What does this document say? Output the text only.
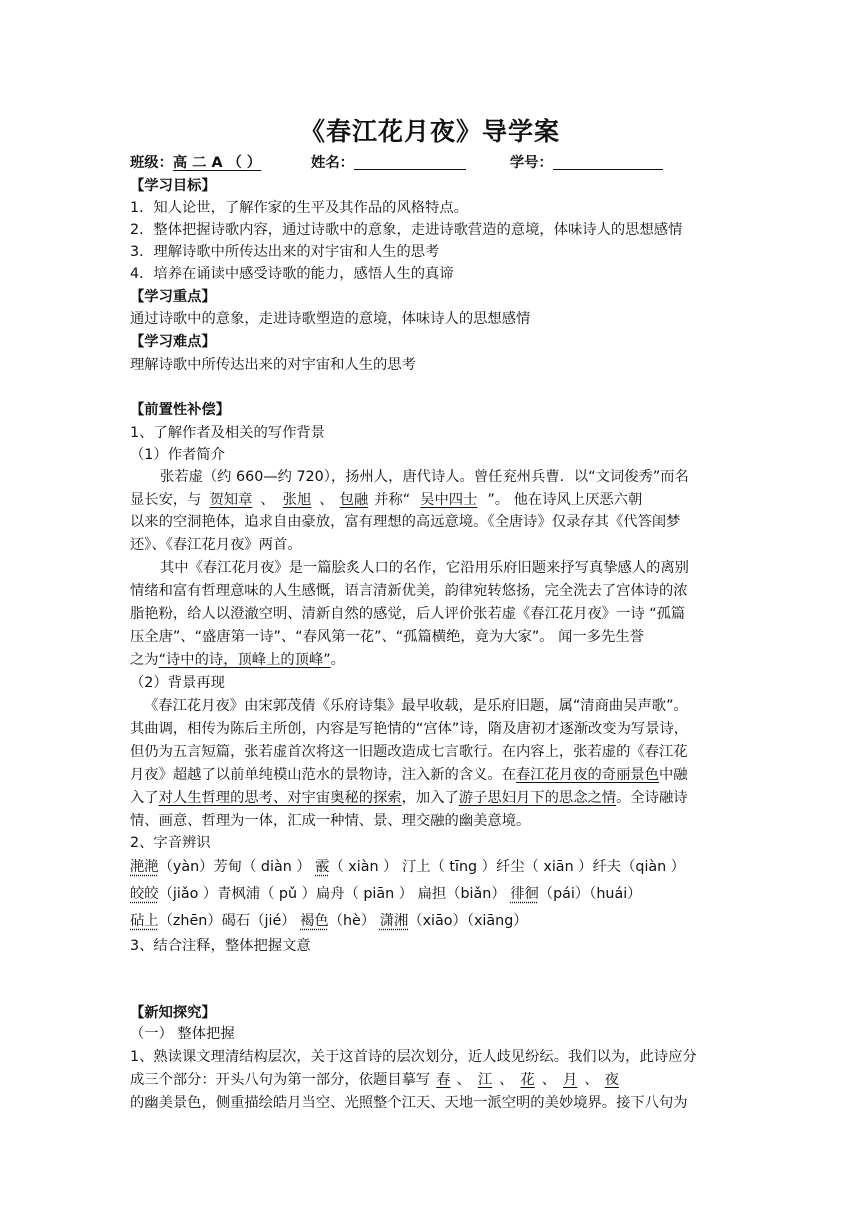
《春江花月夜》导学案
班级：高 二 A （ ）	姓名：	学号：
【学习目标】
1．知人论世，了解作家的生平及其作品的风格特点。
2．整体把握诗歌内容，通过诗歌中的意象，走进诗歌营造的意境，体味诗人的思想感情
3．理解诗歌中所传达出来的对宇宙和人生的思考
4．培养在诵读中感受诗歌的能力，感悟人生的真谛
【学习重点】
通过诗歌中的意象，走进诗歌塑造的意境，体味诗人的思想感情
【学习难点】
理解诗歌中所传达出来的对宇宙和人生的思考
【前置性补偿】
1、了解作者及相关的写作背景
（1）作者简介
张若虚（约 660—约 720），扬州人，唐代诗人。曾任兖州兵曹．以“文词俊秀”而名
显长安，与 贺知章 、 张旭 、 包融 并称“ 吴中四士 ”。 他在诗风上厌恶六朝
以来的空洞艳体，追求自由豪放，富有理想的高远意境。《全唐诗》仅录存其《代答闺梦
还》、《春江花月夜》两首。
其中《春江花月夜》是一篇脍炙人口的名作，它沿用乐府旧题来抒写真挚感人的离别
情绪和富有哲理意味的人生感慨，语言清新优美，韵律宛转悠扬，完全洗去了宫体诗的浓
脂艳粉，给人以澄澈空明、清新自然的感觉，后人评价张若虚《春江花月夜》一诗 “孤篇
压全唐”、“盛唐第一诗”、“春风第一花”、“孤篇横绝，竟为大家”。 闻一多先生誉
之为“诗中的诗，顶峰上的顶峰”。
（2）背景再现
《春江花月夜》由宋郭茂倩《乐府诗集》最早收载，是乐府旧题，属“清商曲吴声歌”。
其曲调，相传为陈后主所创，内容是写艳情的“宫体”诗，隋及唐初才逐渐改变为写景诗，
但仍为五言短篇，张若虚首次将这一旧题改造成七言歌行。在内容上，张若虚的《春江花
月夜》超越了以前单纯模山范水的景物诗，注入新的含义。在春江花月夜的奇丽景色中融
入了对人生哲理的思考、对宇宙奥秘的探索，加入了游子思妇月下的思念之情。全诗融诗
情、画意、哲理为一体，汇成一种情、景、理交融的幽美意境。
2、字音辨识
滟滟（yàn）芳甸（ diàn ） 霰（ xiàn ） 汀上（ tīng ）纤尘（ xiān ）纤夫（qiàn ）
皎皎（jiǎo ）青枫浦（ pǔ ）扁舟（ piān ） 扁担（biǎn） 徘徊（pái）（huái）
砧上（zhēn）碣石（jié） 褐色（hè） 潇湘（xiāo）（xiāng）
3、结合注释，整体把握文意
【新知探究】
（一） 整体把握
1、熟读课文理清结构层次，关于这首诗的层次划分，近人歧见纷纭。我们以为，此诗应分
成三个部分：开头八句为第一部分，依题目摹写 春 、 江 、 花 、 月 、 夜
的幽美景色，侧重描绘皓月当空、光照整个江天、天地一派空明的美妙境界。接下八句为
